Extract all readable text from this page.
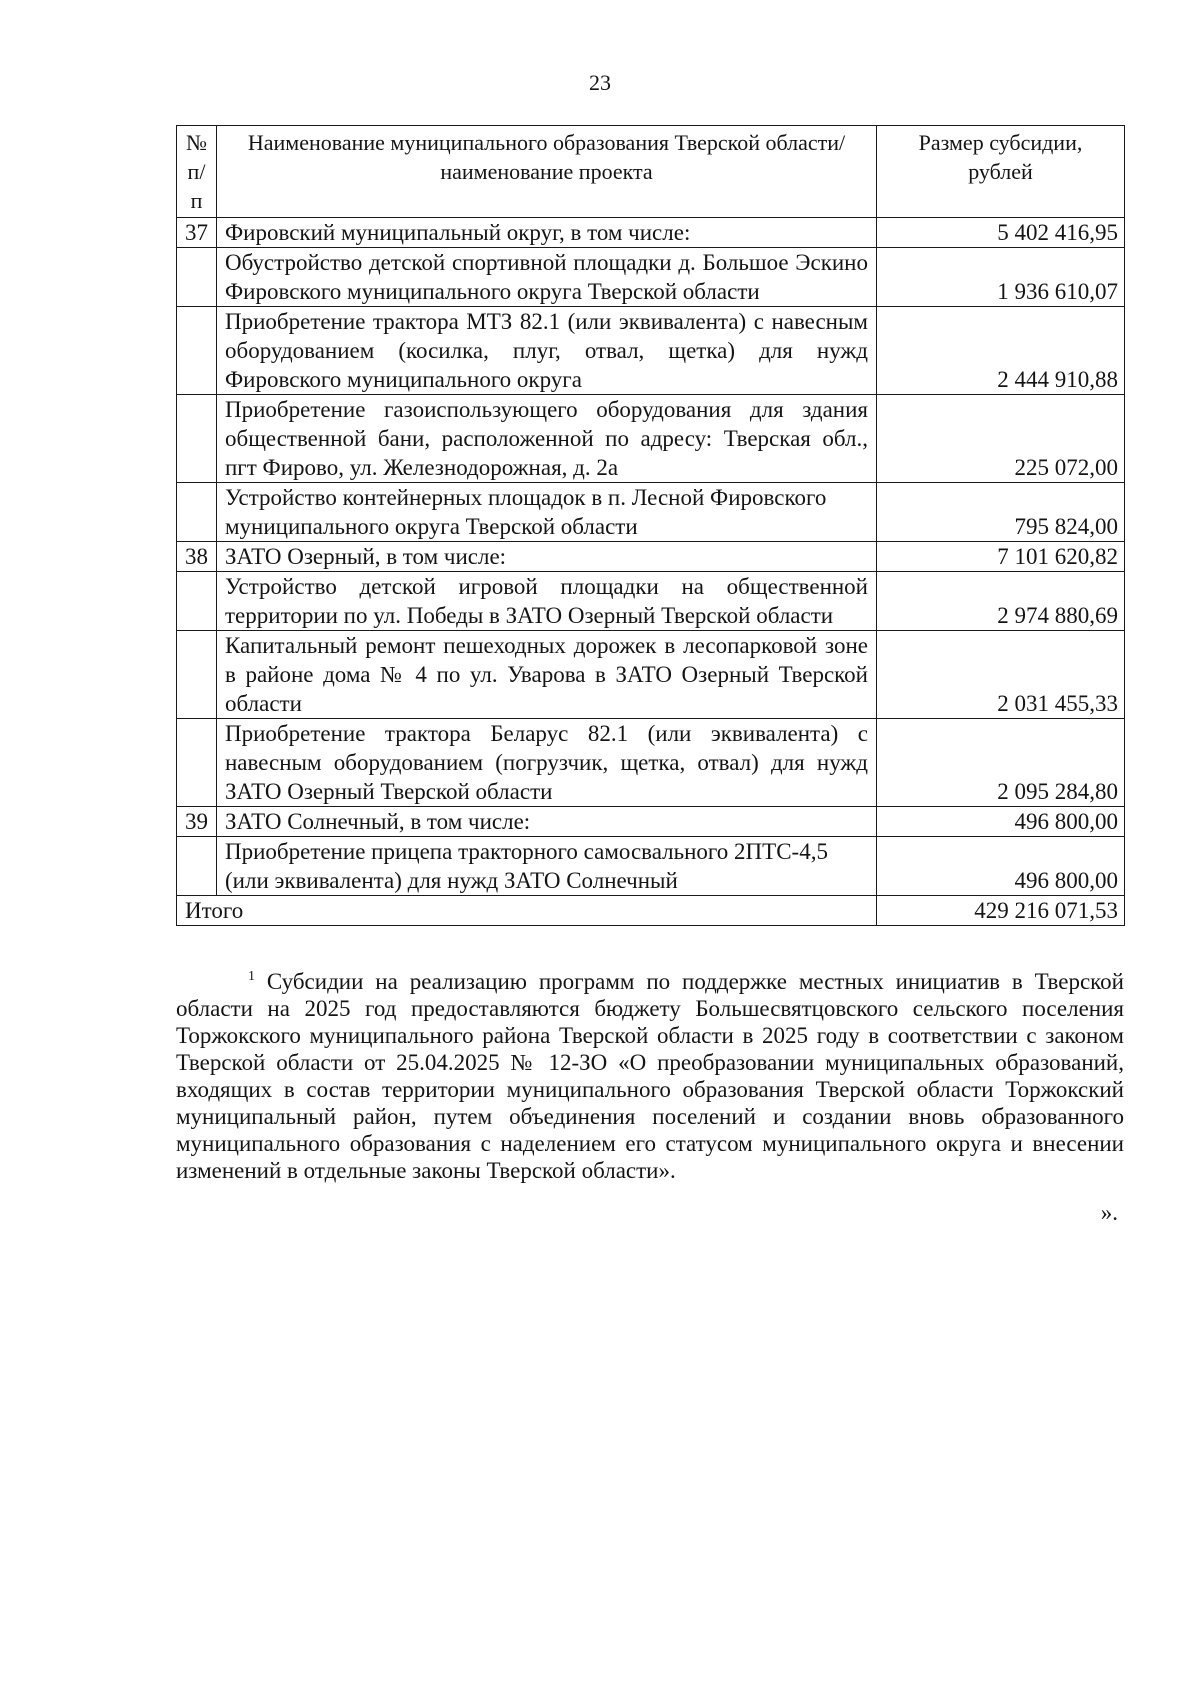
23
№ п/п	Наименование муниципального образования Тверской области/наименование проекта	Размер субсидии, рублей
37	Фировский муниципальный округ, в том числе:	5 402 416,95
	Обустройство детской спортивной площадки д. Большое Эскино Фировского муниципального округа Тверской области	1 936 610,07
	Приобретение трактора МТЗ 82.1 (или эквивалента) с навесным оборудованием (косилка, плуг, отвал, щетка) для нужд Фировского муниципального округа	2 444 910,88
	Приобретение газоиспользующего оборудования для здания общественной бани, расположенной по адресу: Тверская обл., пгт Фирово, ул. Железнодорожная, д. 2а	225 072,00
	Устройство контейнерных площадок в п. Лесной Фировского муниципального округа Тверской области	795 824,00
38	ЗАТО Озерный, в том числе:	7 101 620,82
	Устройство детской игровой площадки на общественной территории по ул. Победы в ЗАТО Озерный Тверской области	2 974 880,69
	Капитальный ремонт пешеходных дорожек в лесопарковой зоне в районе дома № 4 по ул. Уварова в ЗАТО Озерный Тверской области	2 031 455,33
	Приобретение трактора Беларус 82.1 (или эквивалента) с навесным оборудованием (погрузчик, щетка, отвал) для нужд ЗАТО Озерный Тверской области	2 095 284,80
39	ЗАТО Солнечный, в том числе:	496 800,00
	Приобретение прицепа тракторного самосвального 2ПТС-4,5 (или эквивалента) для нужд ЗАТО Солнечный	496 800,00
Итого		429 216 071,53
$^1$ Субсидии на реализацию программ по поддержке местных инициатив в Тверской области на 2025 год предоставляются бюджету Большесвятцовского сельского поселения Торжокского муниципального района Тверской области в 2025 году в соответствии с законом Тверской области от 25.04.2025 № 12-ЗО «О преобразовании муниципальных образований, входящих в состав территории муниципального образования Тверской области Торжокский муниципальный район, путем объединения поселений и создании вновь образованного муниципального образования с наделением его статусом муниципального округа и внесении изменений в отдельные законы Тверской области».
».
